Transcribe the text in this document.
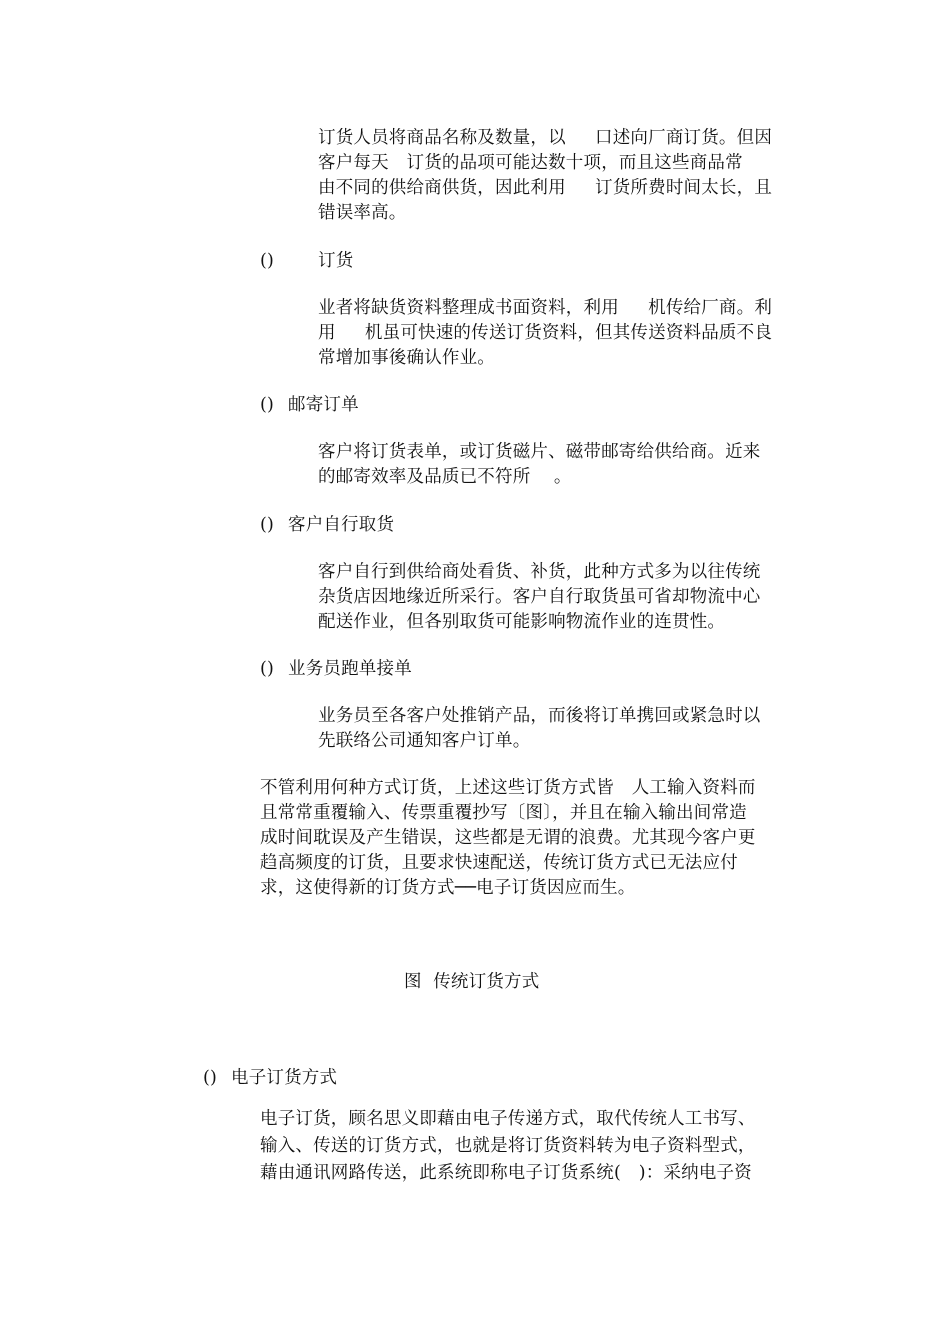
订货人员将商品名称及数量，以　  口述向厂商订货。但因
客户每天　订货的品项可能达数十项，而且这些商品常
由不同的供给商供货，因此利用　  订货所费时间太长，且
错误率高。
()	订货
业者将缺货资料整理成书面资料，利用　  机传给厂商。利
用　  机虽可快速的传送订货资料，但其传送资料品质不良
常增加事後确认作业。
() 邮寄订单
客户将订货表单，或订货磁片、磁带邮寄给供给商。近来
的邮寄效率及品质已不符所　 。
() 客户自行取货
客户自行到供给商处看货、补货，此种方式多为以往传统
杂货店因地缘近所采行。客户自行取货虽可省却物流中心
配送作业，但各别取货可能影响物流作业的连贯性。
() 业务员跑单接单
业务员至各客户处推销产品，而後将订单携回或紧急时以
先联络公司通知客户订单。
不管利用何种方式订货，上述这些订货方式皆　人工输入资料而
且常常重覆输入、传票重覆抄写〔图〕，并且在输入输出间常造
成时间耽误及产生错误，这些都是无谓的浪费。尤其现今客户更
趋高频度的订货，且要求快速配送，传统订货方式已无法应付
求，这使得新的订货方式──电子订货因应而生。
图  传统订货方式
() 电子订货方式
电子订货，顾名思义即藉由电子传递方式，取代传统人工书写、
输入、传送的订货方式，也就是将订货资料转为电子资料型式，
藉由通讯网路传送，此系统即称电子订货系统(　)：采纳电子资
